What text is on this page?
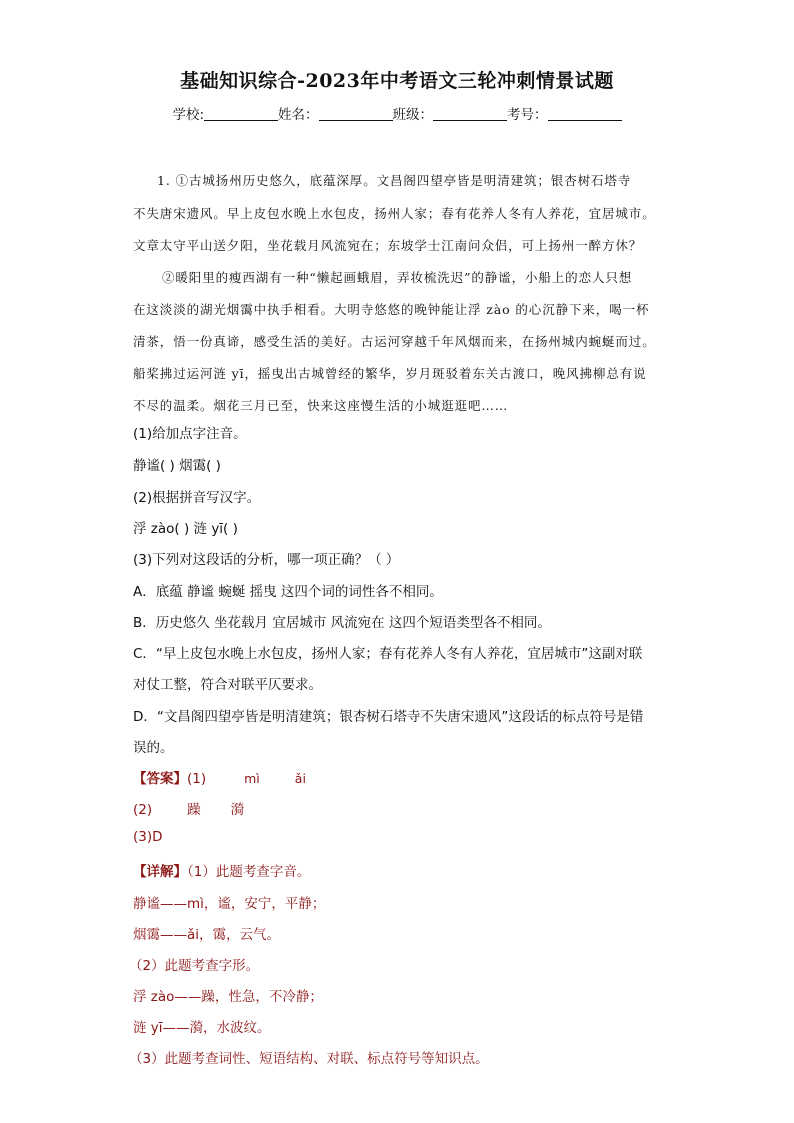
基础知识综合-2023年中考语文三轮冲刺情景试题
学校:	姓名：	班级：	考号：
1. ①古城扬州历史悠久，底蕴深厚。文昌阁四望亭皆是明清建筑；银杏树石塔寺
不失唐宋遗风。早上皮包水晚上水包皮，扬州人家；春有花养人冬有人养花，宜居城市。
文章太守平山送夕阳，坐花载月风流宛在；东坡学士江南问众侣，可上扬州一醉方休？
②暖阳里的瘦西湖有一种“懒起画蛾眉，弄妆梳洗迟”的静谧，小船上的恋人只想
在这淡淡的湖光烟霭中执手相看。大明寺悠悠的晚钟能让浮 zào 的心沉静下来，喝一杯
清茶，悟一份真谛，感受生活的美好。古运河穿越千年风烟而来，在扬州城内蜿蜒而过。
船桨拂过运河涟 yī，摇曳出古城曾经的繁华，岁月斑驳着东关古渡口，晚风拂柳总有说
不尽的温柔。烟花三月已至，快来这座慢生活的小城逛逛吧……
(1)给加点字注音。
静谧( ) 烟霭( )
(2)根据拼音写汉字。
浮 zào( ) 涟 yī( )
(3)下列对这段话的分析，哪一项正确？（ ）
A．底蕴 静谧 蜿蜒 摇曳 这四个词的词性各不相同。
B．历史悠久 坐花载月 宜居城市 风流宛在 这四个短语类型各不相同。
C．“早上皮包水晚上水包皮，扬州人家；春有花养人冬有人养花，宜居城市”这副对联
对仗工整，符合对联平仄要求。
D．“文昌阁四望亭皆是明清建筑；银杏树石塔寺不失唐宋遗风”这段话的标点符号是错
误的。
【答案】(1)	mì	ǎi
(2)	躁 漪
(3)D
【详解】（1）此题考查字音。
静谧——mì，谧，安宁，平静；
烟霭——ǎi，霭，云气。
（2）此题考查字形。
浮 zào——躁，性急，不冷静；
涟 yī——漪，水波纹。
（3）此题考查词性、短语结构、对联、标点符号等知识点。
